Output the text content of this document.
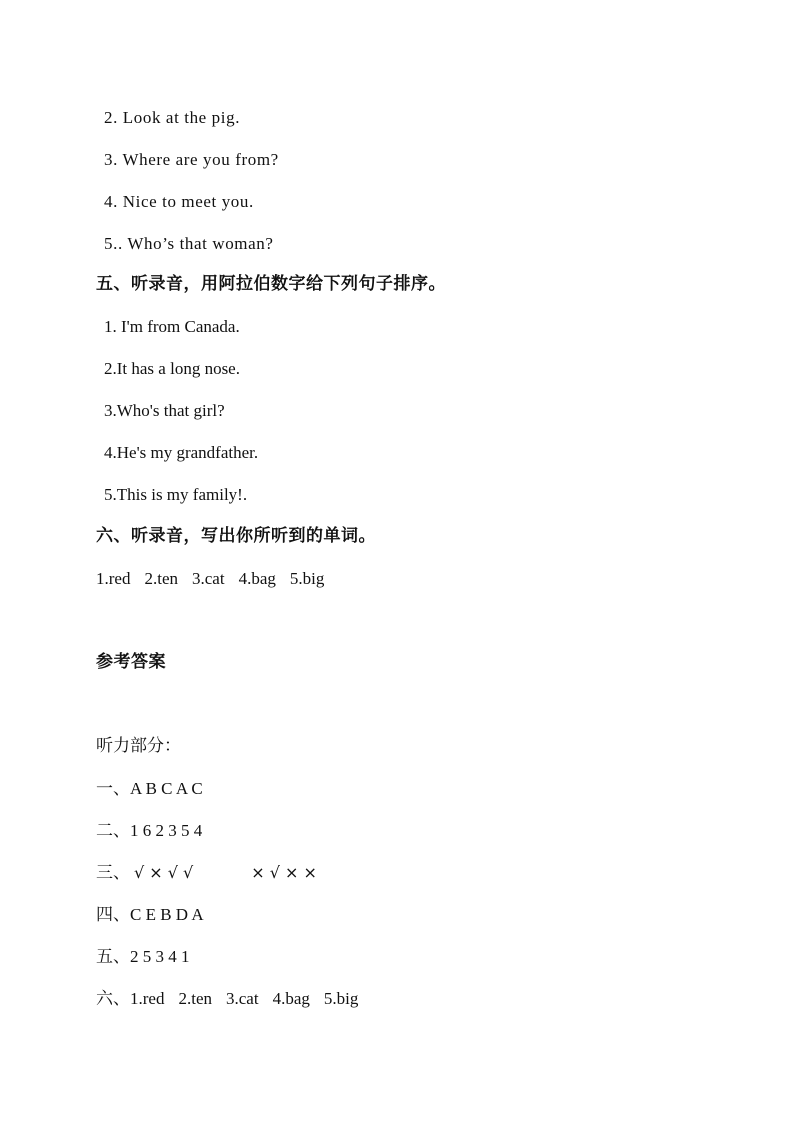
2. Look at the pig.
3. Where are you from?
4. Nice to meet you.
5.. Who’s that woman?
五、听录音，用阿拉伯数字给下列句子排序。
1. I'm from Canada.
2.It has a long nose.
3.Who's that girl?
4.He's my grandfather.
5.This is my family!.
六、听录音，写出你所听到的单词。
1.red 2.ten 3.cat 4.bag 5.big
参考答案
听力部分：
一、A B C A C
二、1 6 2 3 5 4
三、 √ × √ √	× √ × ×
四、C E B D A
五、2 5 3 4 1
六、1.red 2.ten 3.cat 4.bag 5.big
